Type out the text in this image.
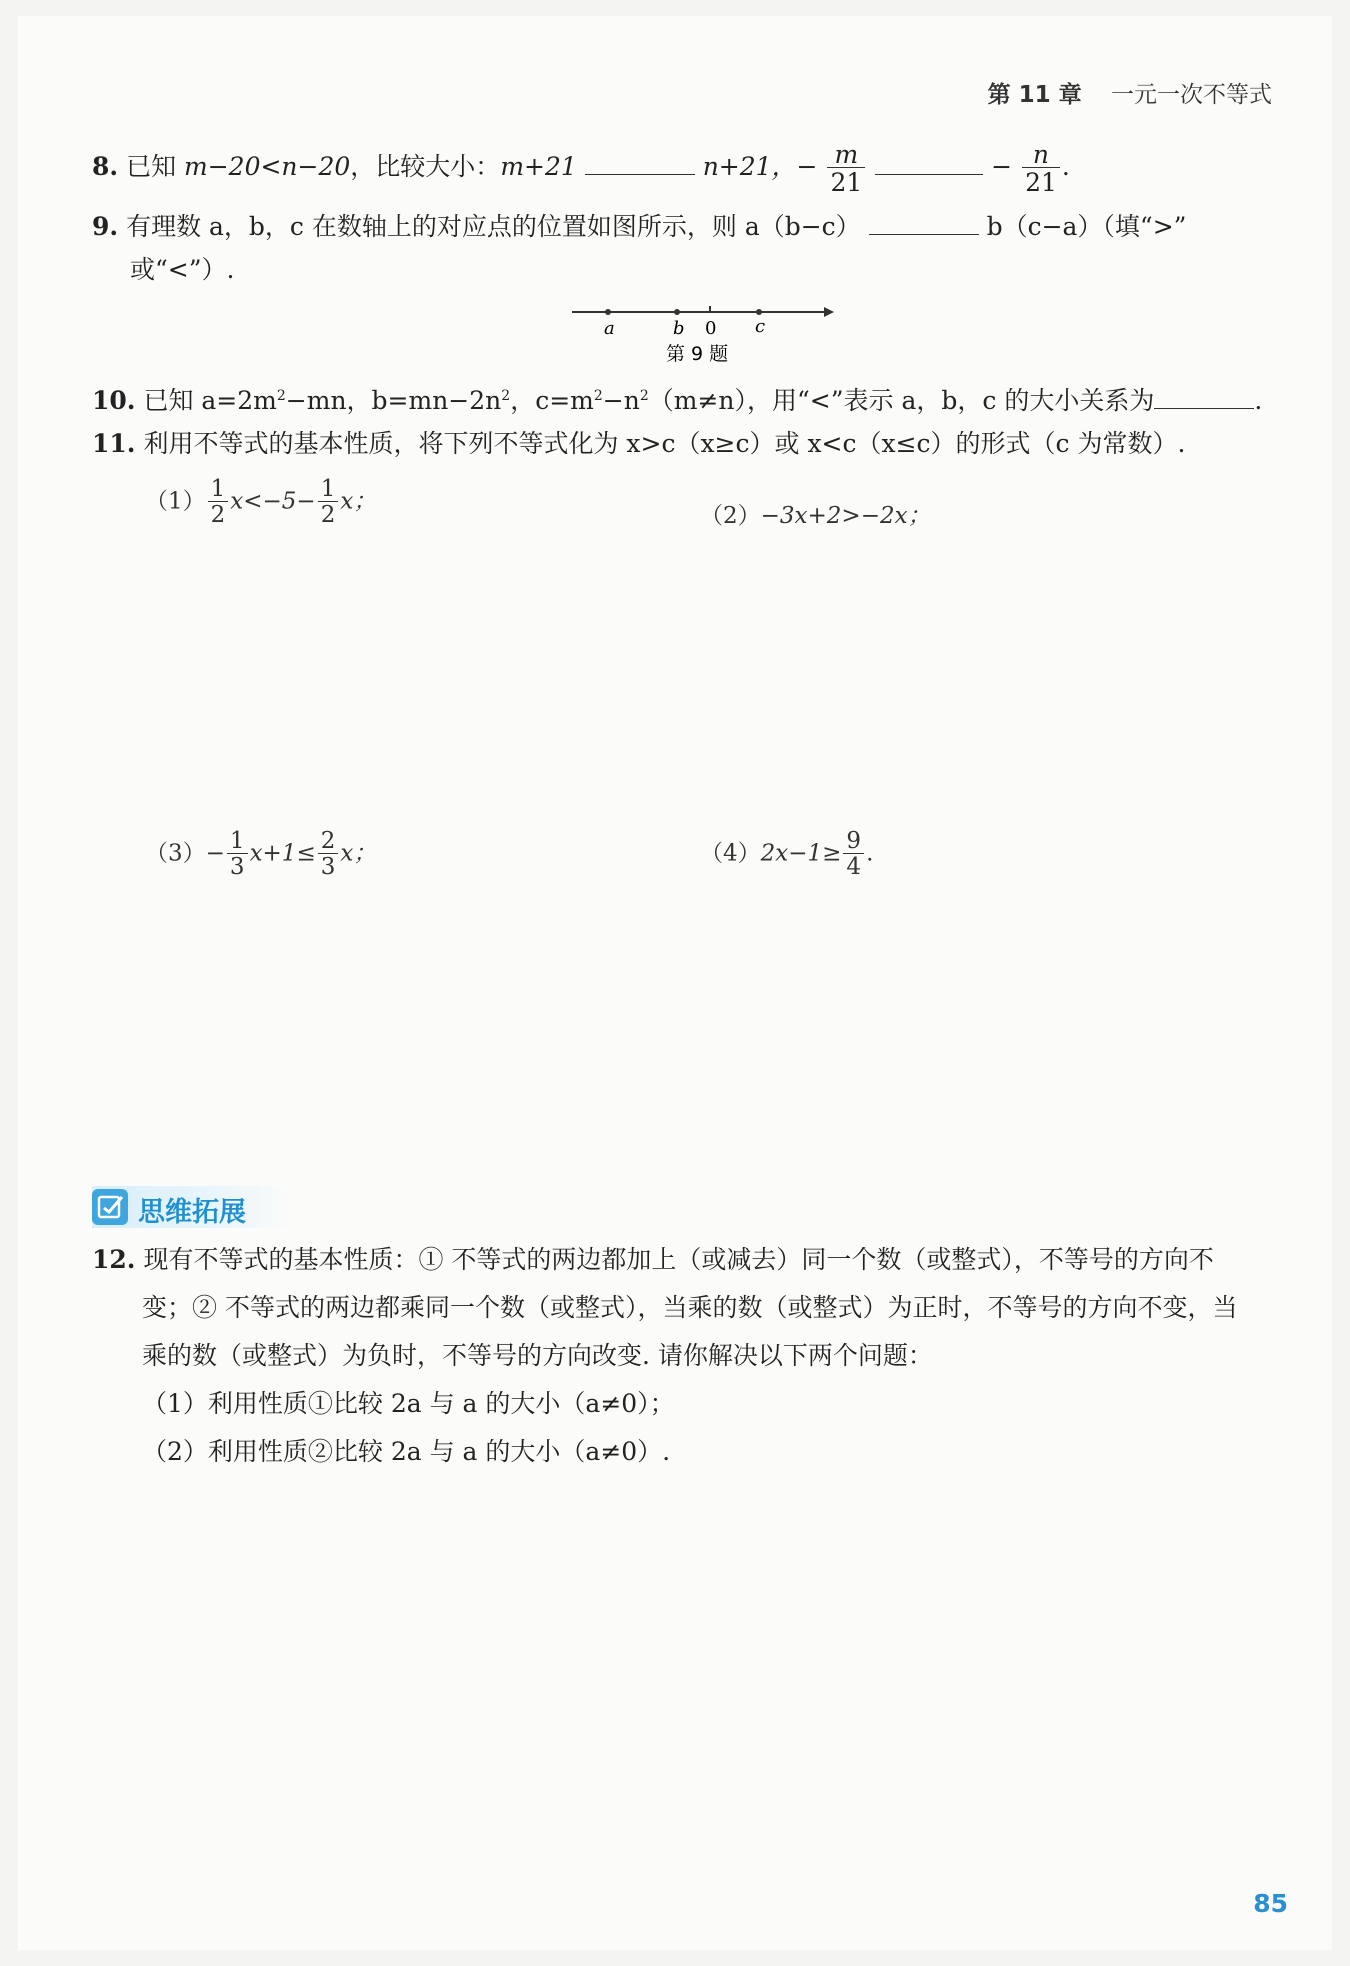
第 11 章 一元一次不等式
8. 已知 m−20<n−20，比较大小：m+21	n+21，− $\frac{m}{21}$	− $\frac{n}{21}$ .
9. 有理数 a，b，c 在数轴上的对应点的位置如图所示，则 a（b−c）	b（c−a）（填“>”
或“<”）.
a	b 0 c
第 9 题
10. 已知 $a=2m^2-mn$，$b=mn-2n^2$，$c=m^2-n^2(m\ne n)$，用“<”表示 a，b，c 的大小关系为	.
11. 利用不等式的基本性质，将下列不等式化为 x>c（x≥c）或 x<c（x≤c）的形式（c 为常数）.
$(1) \frac{1}{2} x<-5- \frac{1}{2}$ x；
（2）−3x+2>−2x；
$(3)- \frac{1}{3} x+1\le \frac{2}{3}$ x；	$(4)2x-1\ge \frac{9}{4}$ .
思维拓展
12. 现有不等式的基本性质：① 不等式的两边都加上（或减去）同一个数（或整式），不等号的方向不
变；② 不等式的两边都乘同一个数（或整式），当乘的数（或整式）为正时，不等号的方向不变，当
乘的数（或整式）为负时，不等号的方向改变. 请你解决以下两个问题：
（1）利用性质①比较 2a 与 a 的大小（a≠0）；
（2）利用性质②比较 2a 与 a 的大小（a≠0）.
85
